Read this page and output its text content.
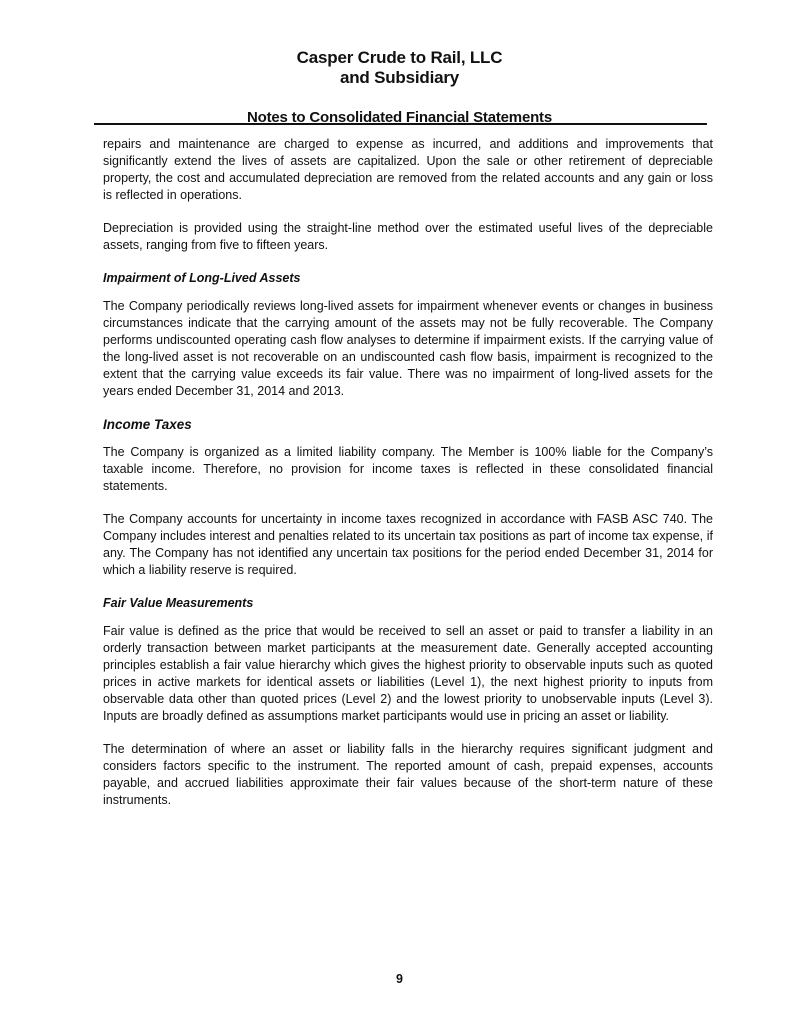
Casper Crude to Rail, LLC
and Subsidiary
Notes to Consolidated Financial Statements

repairs and maintenance are charged to expense as incurred, and additions and improvements that significantly extend the lives of assets are capitalized. Upon the sale or other retirement of depreciable property, the cost and accumulated depreciation are removed from the related accounts and any gain or loss is reflected in operations.

Depreciation is provided using the straight-line method over the estimated useful lives of the depreciable assets, ranging from five to fifteen years.

Impairment of Long-Lived Assets

The Company periodically reviews long-lived assets for impairment whenever events or changes in business circumstances indicate that the carrying amount of the assets may not be fully recoverable. The Company performs undiscounted operating cash flow analyses to determine if impairment exists. If the carrying value of the long-lived asset is not recoverable on an undiscounted cash flow basis, impairment is recognized to the extent that the carrying value exceeds its fair value. There was no impairment of long-lived assets for the years ended December 31, 2014 and 2013.

Income Taxes

The Company is organized as a limited liability company. The Member is 100% liable for the Company’s taxable income. Therefore, no provision for income taxes is reflected in these consolidated financial statements.

The Company accounts for uncertainty in income taxes recognized in accordance with FASB ASC 740. The Company includes interest and penalties related to its uncertain tax positions as part of income tax expense, if any. The Company has not identified any uncertain tax positions for the period ended December 31, 2014 for which a liability reserve is required.

Fair Value Measurements

Fair value is defined as the price that would be received to sell an asset or paid to transfer a liability in an orderly transaction between market participants at the measurement date. Generally accepted accounting principles establish a fair value hierarchy which gives the highest priority to observable inputs such as quoted prices in active markets for identical assets or liabilities (Level 1), the next highest priority to inputs from observable data other than quoted prices (Level 2) and the lowest priority to unobservable inputs (Level 3). Inputs are broadly defined as assumptions market participants would use in pricing an asset or liability.

The determination of where an asset or liability falls in the hierarchy requires significant judgment and considers factors specific to the instrument. The reported amount of cash, prepaid expenses, accounts payable, and accrued liabilities approximate their fair values because of the short-term nature of these instruments.

9
